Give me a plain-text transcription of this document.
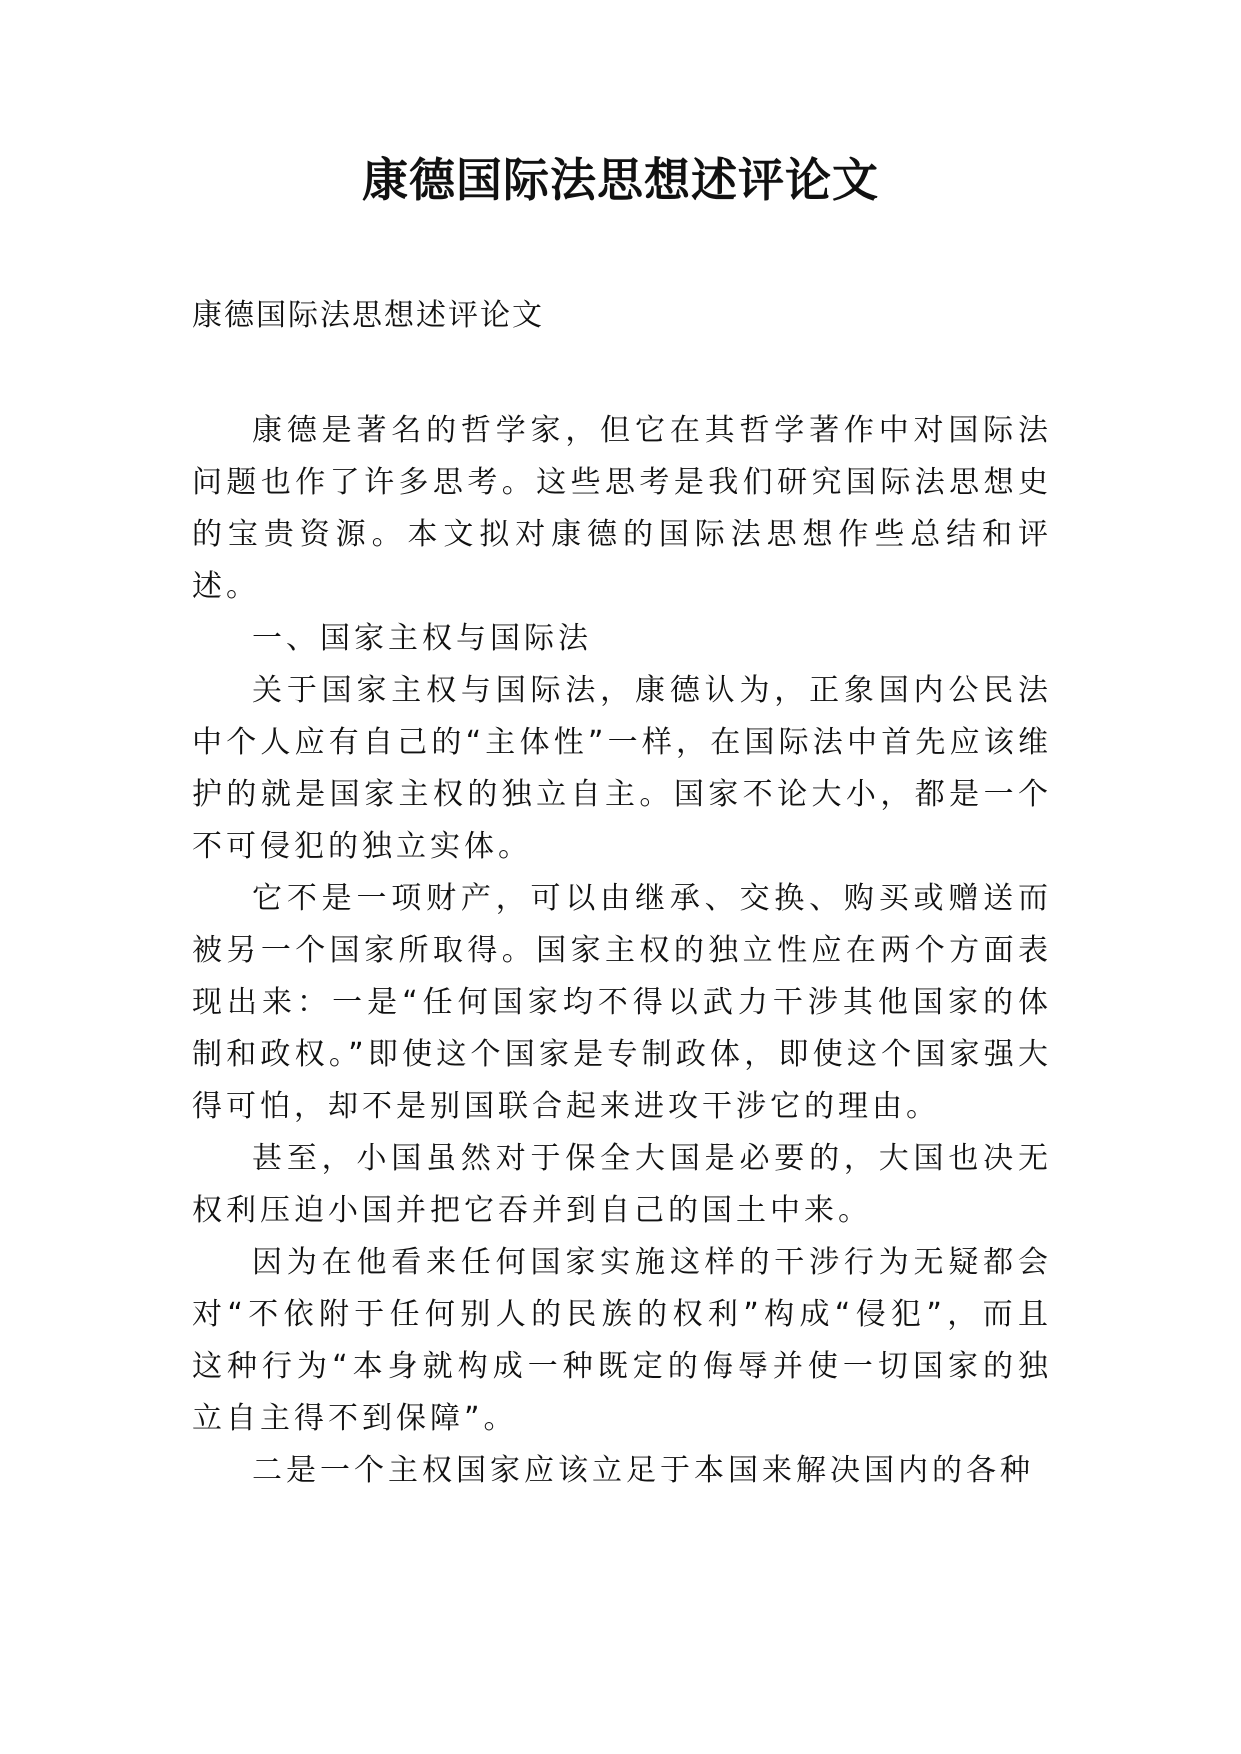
康德国际法思想述评论文
康德国际法思想述评论文

康德是著名的哲学家，但它在其哲学著作中对国际法问题也作了许多思考。这些思考是我们研究国际法思想史的宝贵资源。本文拟对康德的国际法思想作些总结和评述。

一、国家主权与国际法

关于国家主权与国际法，康德认为，正象国内公民法中个人应有自己的“主体性”一样，在国际法中首先应该维护的就是国家主权的独立自主。国家不论大小，都是一个不可侵犯的独立实体。

它不是一项财产，可以由继承、交换、购买或赠送而被另一个国家所取得。国家主权的独立性应在两个方面表现出来：一是“任何国家均不得以武力干涉其他国家的体制和政权。”即使这个国家是专制政体，即使这个国家强大得可怕，却不是别国联合起来进攻干涉它的理由。

甚至，小国虽然对于保全大国是必要的，大国也决无权利压迫小国并把它吞并到自己的国土中来。

因为在他看来任何国家实施这样的干涉行为无疑都会对“不依附于任何别人的民族的权利”构成“侵犯”，而且这种行为“本身就构成一种既定的侮辱并使一切国家的独立自主得不到保障”。

二是一个主权国家应该立足于本国来解决国内的各种
